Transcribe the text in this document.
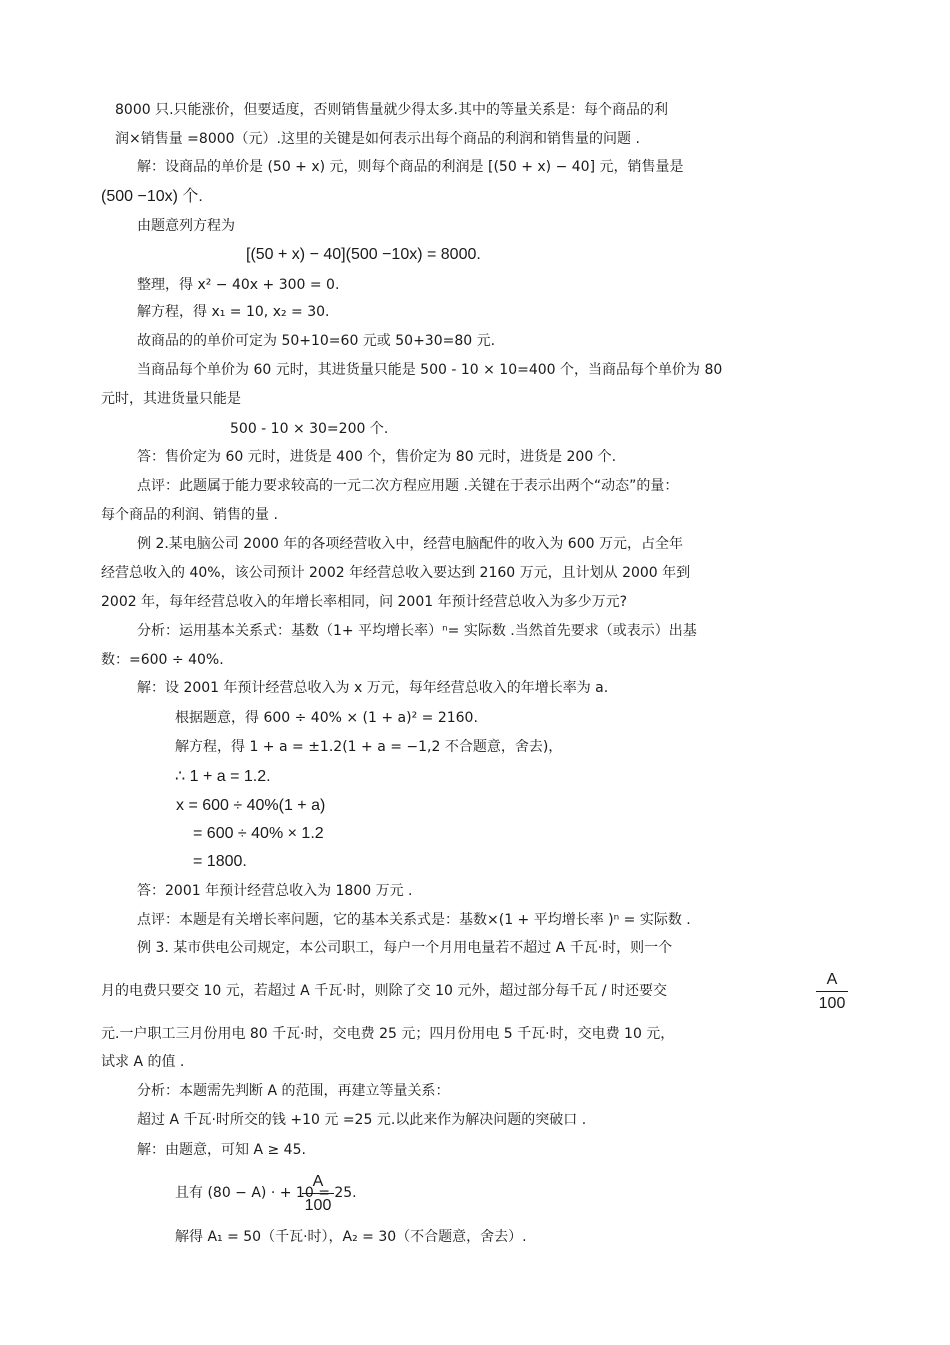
8000 只.只能涨价，但要适度，否则销售量就少得太多.其中的等量关系是：每个商品的利
润×销售量 =8000（元）.这里的关键是如何表示出每个商品的利润和销售量的问题 .
解：设商品的单价是 (50 + x) 元，则每个商品的利润是 [(50 + x) − 40] 元，销售量是
(500 −10x) 个.
由题意列方程为
[(50 + x) − 40](500 −10x) = 8000.
整理，得 x² − 40x + 300 = 0.
解方程，得 x₁ = 10, x₂ = 30.
故商品的的单价可定为 50+10=60 元或 50+30=80 元.
当商品每个单价为 60 元时，其进货量只能是 500 - 10 × 10=400 个，当商品每个单价为 80
元时，其进货量只能是
500 - 10 × 30=200 个.
答：售价定为 60 元时，进货是 400 个，售价定为 80 元时，进货是 200 个.
点评：此题属于能力要求较高的一元二次方程应用题 .关键在于表示出两个“动态”的量：
每个商品的利润、销售的量 .
例 2.某电脑公司 2000 年的各项经营收入中，经营电脑配件的收入为 600 万元，占全年
经营总收入的 40%，该公司预计 2002 年经营总收入要达到 2160 万元，且计划从 2000 年到
2002 年，每年经营总收入的年增长率相同，问 2001 年预计经营总收入为多少万元?
分析：运用基本关系式：基数（1+ 平均增长率）ⁿ= 实际数 .当然首先要求（或表示）出基
数：=600 ÷ 40%.
解：设 2001 年预计经营总收入为 x 万元，每年经营总收入的年增长率为 a.
根据题意，得 600 ÷ 40% × (1 + a)² = 2160.
解方程，得 1 + a = ±1.2(1 + a = −1,2 不合题意，舍去)，
∴ 1 + a = 1.2.
x = 600 ÷ 40%(1 + a)
= 600 ÷ 40% × 1.2
= 1800.
答：2001 年预计经营总收入为 1800 万元 .
点评：本题是有关增长率问题，它的基本关系式是：基数×(1 + 平均增长率 )ⁿ = 实际数 .
例 3. 某市供电公司规定，本公司职工，每户一个月用电量若不超过 A 千瓦·时，则一个
月的电费只要交 10 元，若超过 A 千瓦·时，则除了交 10 元外，超过部分每千瓦 / 时还要交
A
100
元.一户职工三月份用电 80 千瓦·时，交电费 25 元；四月份用电 5 千瓦·时，交电费 10 元，
试求 A 的值 .
分析：本题需先判断 A 的范围，再建立等量关系：
超过 A 千瓦·时所交的钱 +10 元 =25 元.以此来作为解决问题的突破口 .
解：由题意，可知 A ≥ 45.
且有 (80 − A) · + 10 = 25.
A
100
解得 A₁ = 50（千瓦·时），A₂ = 30（不合题意，舍去）.
